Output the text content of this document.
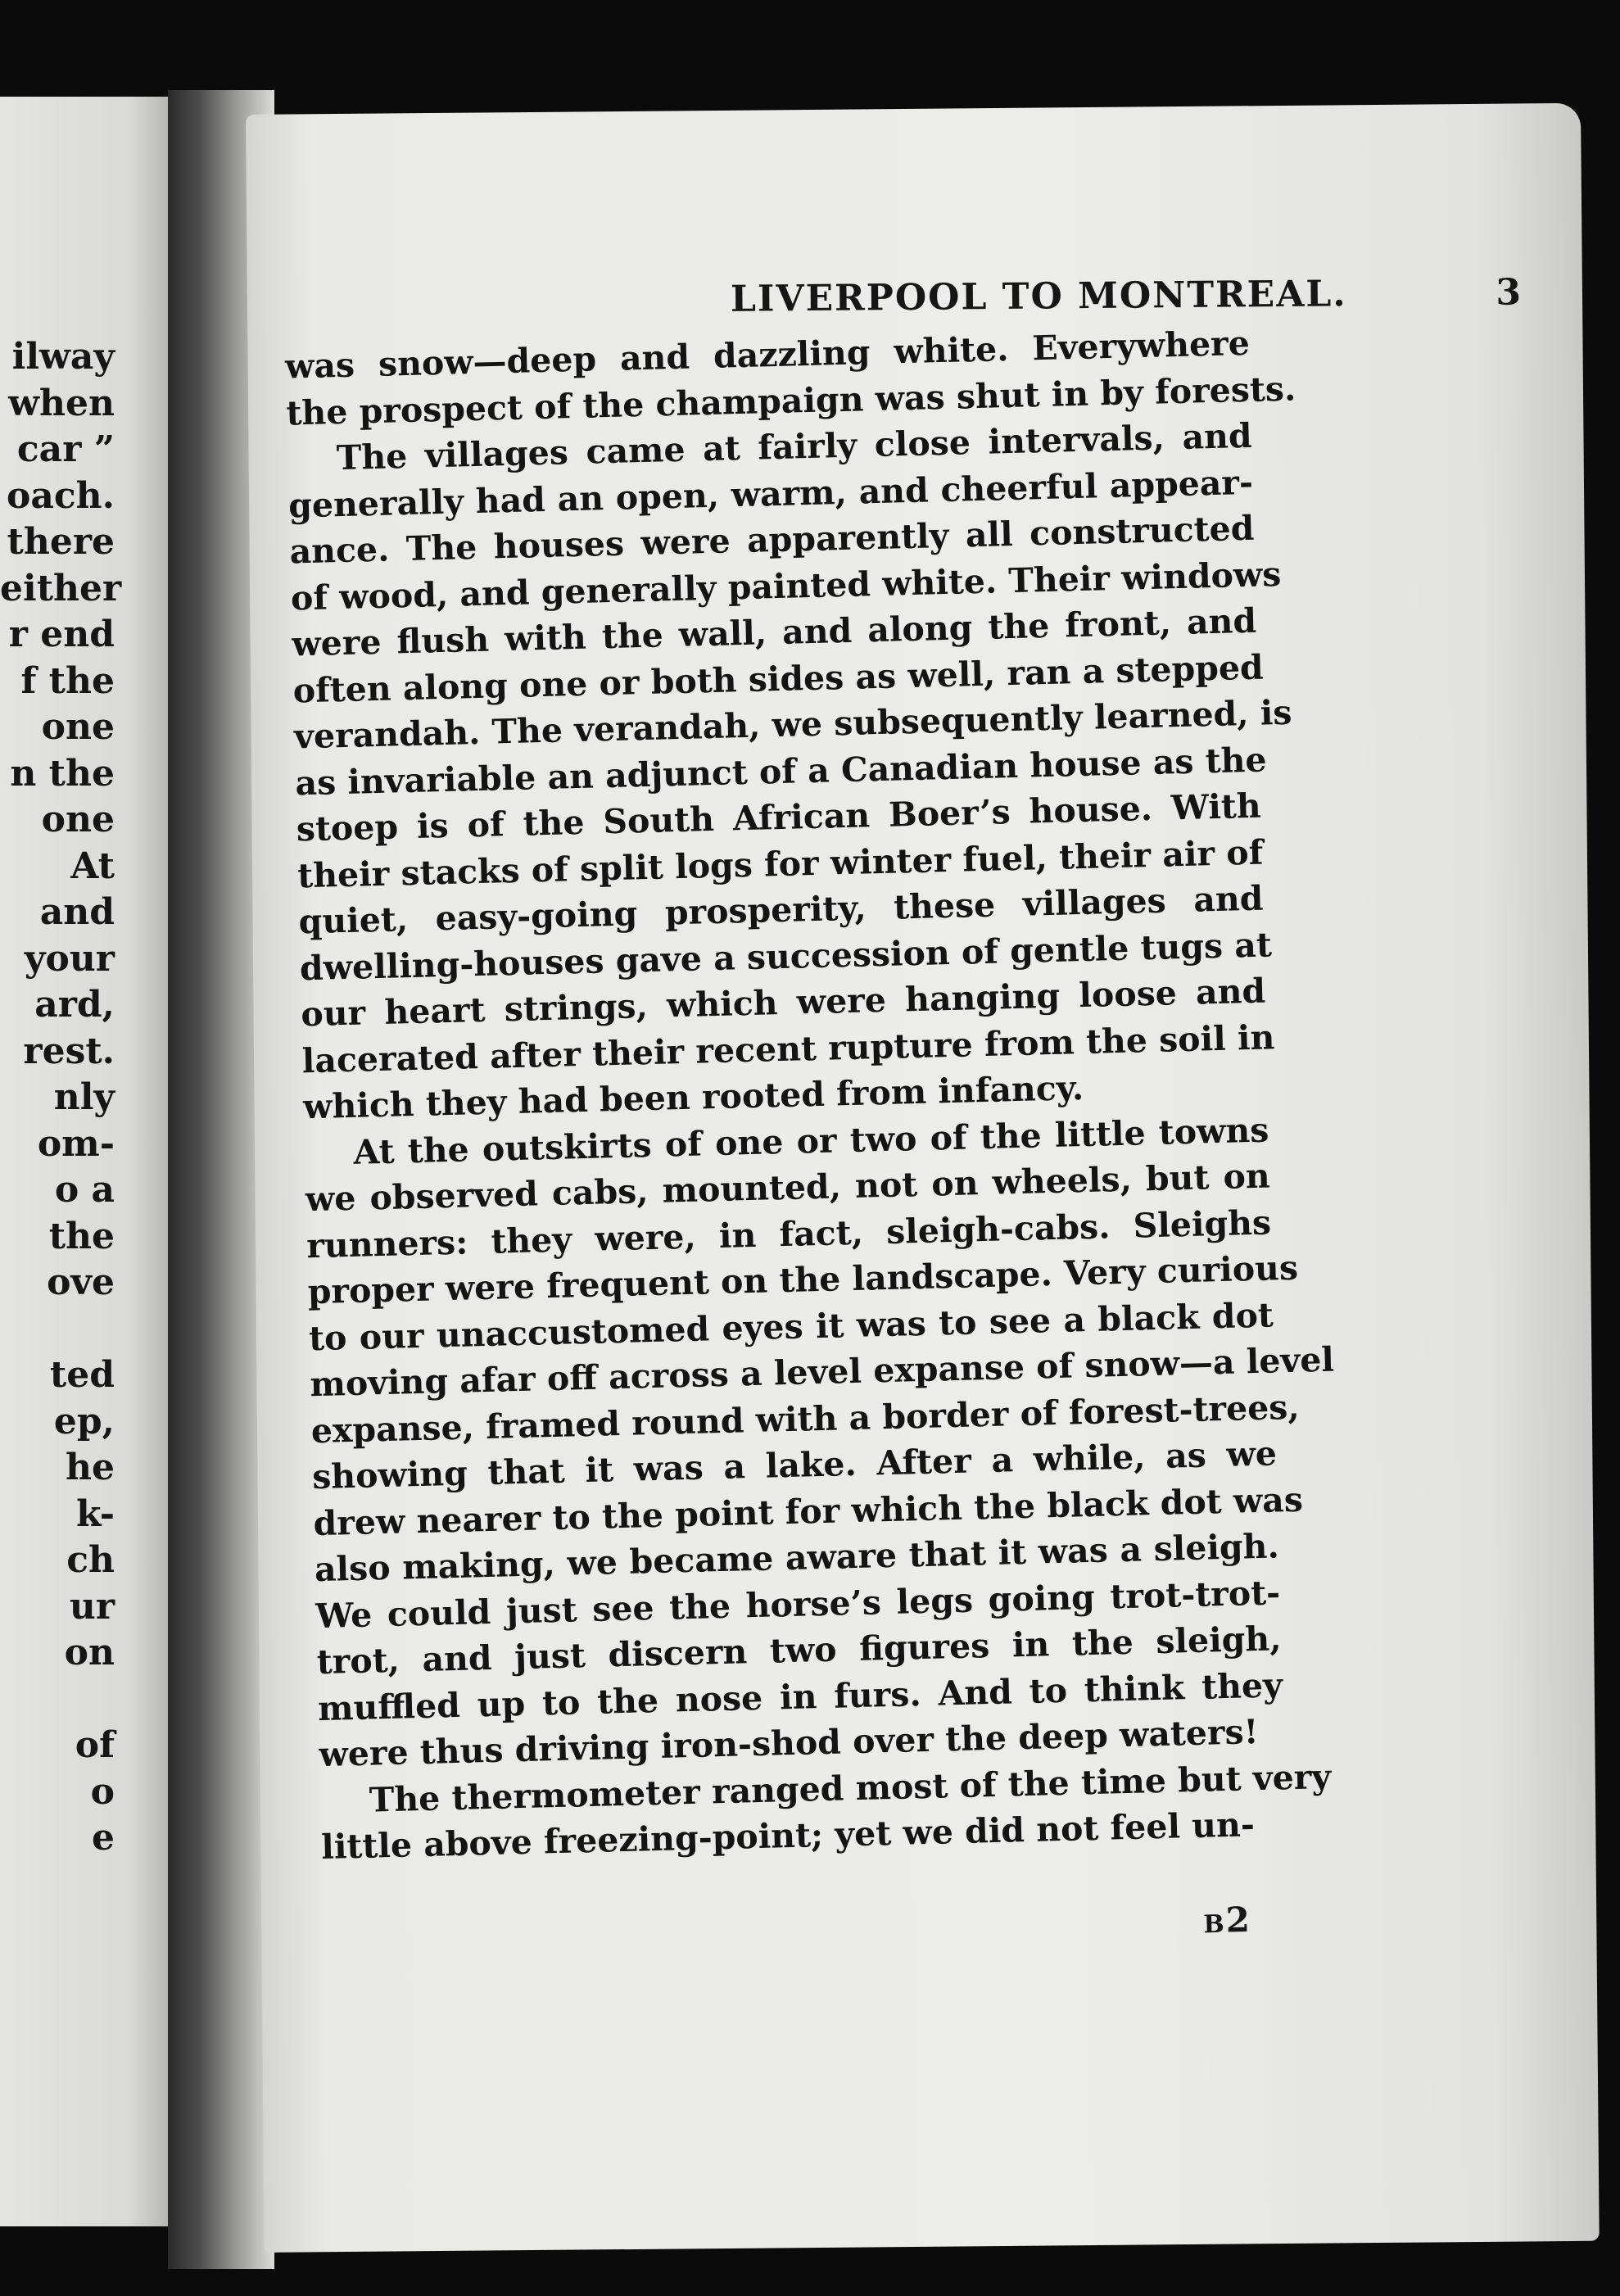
ilway
when
car ”
oach.
there
either
r end
f the
one
n the
one
At
and
your
ard,
rest.
nly
om-
o a
the
ove
ted
ep,
he
k-
ch
ur
on
of
o
e
LIVERPOOL TO MONTREAL.	3
was snow—deep and dazzling white. Everywhere
the prospect of the champaign was shut in by forests.
The villages came at fairly close intervals, and
generally had an open, warm, and cheerful appear-
ance. The houses were apparently all constructed
of wood, and generally painted white. Their windows
were flush with the wall, and along the front, and
often along one or both sides as well, ran a stepped
verandah. The verandah, we subsequently learned, is
as invariable an adjunct of a Canadian house as the
stoep is of the South African Boer’s house. With
their stacks of split logs for winter fuel, their air of
quiet, easy-going prosperity, these villages and
dwelling-houses gave a succession of gentle tugs at
our heart strings, which were hanging loose and
lacerated after their recent rupture from the soil in
which they had been rooted from infancy.
At the outskirts of one or two of the little towns
we observed cabs, mounted, not on wheels, but on
runners: they were, in fact, sleigh-cabs. Sleighs
proper were frequent on the landscape. Very curious
to our unaccustomed eyes it was to see a black dot
moving afar off across a level expanse of snow—a level
expanse, framed round with a border of forest-trees,
showing that it was a lake. After a while, as we
drew nearer to the point for which the black dot was
also making, we became aware that it was a sleigh.
We could just see the horse’s legs going trot-trot-
trot, and just discern two figures in the sleigh,
muffled up to the nose in furs. And to think they
were thus driving iron-shod over the deep waters!
The thermometer ranged most of the time but very
little above freezing-point; yet we did not feel un-
B2
